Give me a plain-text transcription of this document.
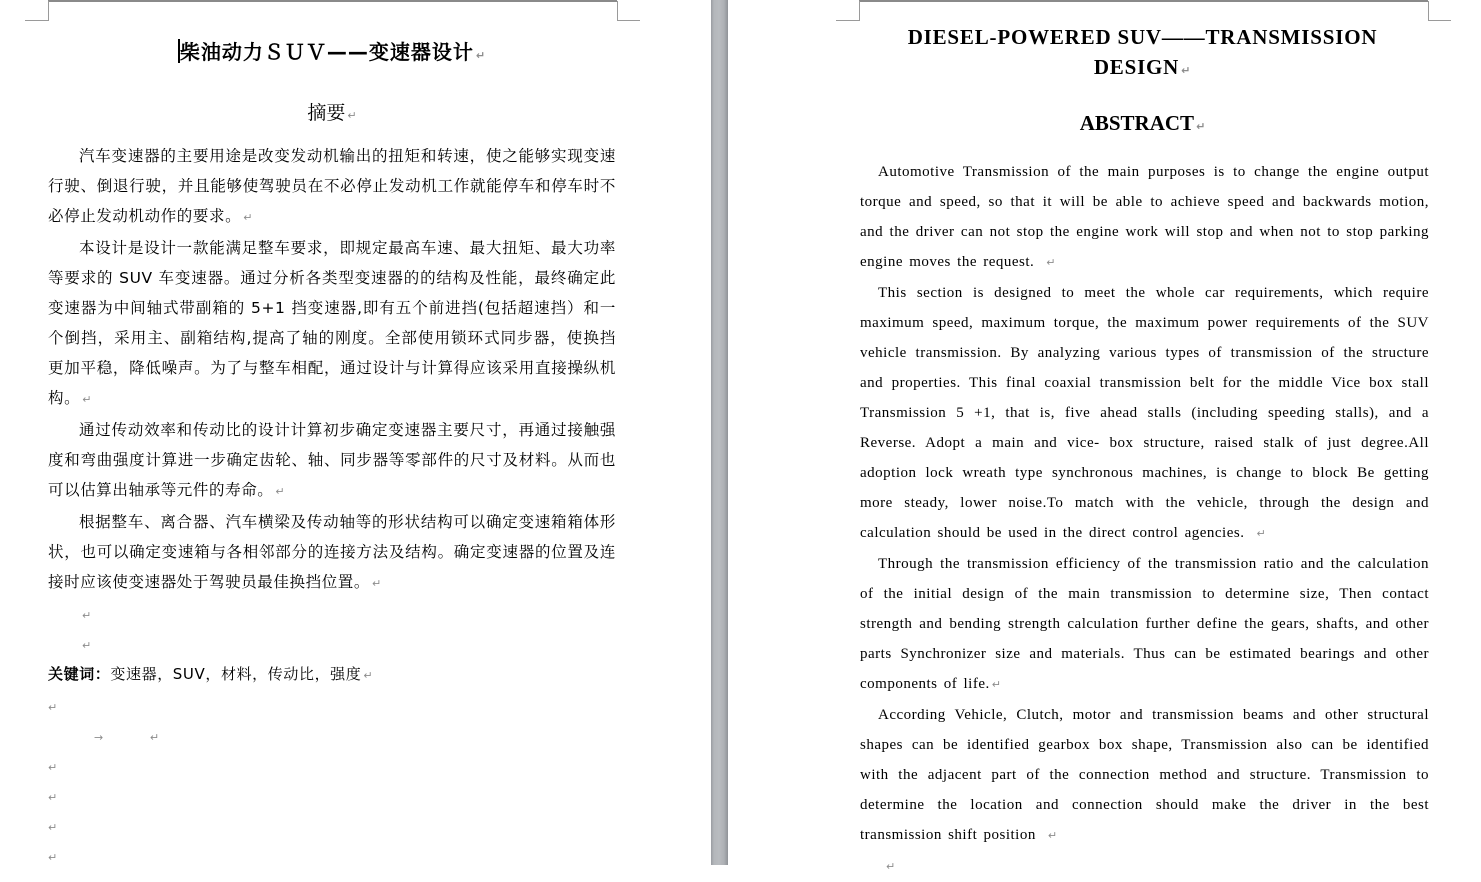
柴油动力ＳＵＶ——变速器设计 ↵
摘要 ↵

汽车变速器的主要用途是改变发动机输出的扭矩和转速，使之能够实现变速行驶、倒退行驶，并且能够使驾驶员在不必停止发动机工作就能停车和停车时不必停止发动机动作的要求。 ↵

本设计是设计一款能满足整车要求，即规定最高车速、最大扭矩、最大功率等要求的 SUV 车变速器。通过分析各类型变速器的的结构及性能，最终确定此变速器为中间轴式带副箱的 5+1 挡变速器,即有五个前进挡(包括超速挡）和一个倒挡，采用主、副箱结构,提高了轴的刚度。全部使用锁环式同步器，使换挡更加平稳，降低噪声。为了与整车相配，通过设计与计算得应该采用直接操纵机构。 ↵

通过传动效率和传动比的设计计算初步确定变速器主要尺寸，再通过接触强度和弯曲强度计算进一步确定齿轮、轴、同步器等零部件的尺寸及材料。从而也可以估算出轴承等元件的寿命。 ↵

根据整车、离合器、汽车横梁及传动轴等的形状结构可以确定变速箱箱体形状，也可以确定变速箱与各相邻部分的连接方法及结构。确定变速器的位置及连接时应该使变速器处于驾驶员最佳换挡位置。 ↵

↵
↵

关键词：变速器，SUV，材料，传动比，强度 ↵

↵
→	↵
↵
↵
↵
↵
DIESEL-POWERED SUV——TRANSMISSION DESIGN ↵
ABSTRACT ↵

Automotive Transmission of the main purposes is to change the engine output torque and speed, so that it will be able to achieve speed and backwards motion, and the driver can not stop the engine work will stop and when not to stop parking engine moves the request. ↵

This section is designed to meet the whole car requirements, which require maximum speed, maximum torque, the maximum power requirements of the SUV vehicle transmission. By analyzing various types of transmission of the structure and properties. This final coaxial transmission belt for the middle Vice box stall Transmission 5 +1, that is, five ahead stalls (including speeding stalls), and a Reverse. Adopt a main and vice- box structure, raised stalk of just degree.All adoption lock wreath type synchronous machines, is change to block Be getting more steady, lower noise.To match with the vehicle, through the design and calculation should be used in the direct control agencies. ↵

Through the transmission efficiency of the transmission ratio and the calculation of the initial design of the main transmission to determine size, Then contact strength and bending strength calculation further define the gears, shafts, and other parts Synchronizer size and materials. Thus can be estimated bearings and other components of life. ↵

According Vehicle, Clutch, motor and transmission beams and other structural shapes can be identified gearbox box shape, Transmission also can be identified with the adjacent part of the connection method and structure. Transmission to determine the location and connection should make the driver in the best transmission shift position ↵

↵
